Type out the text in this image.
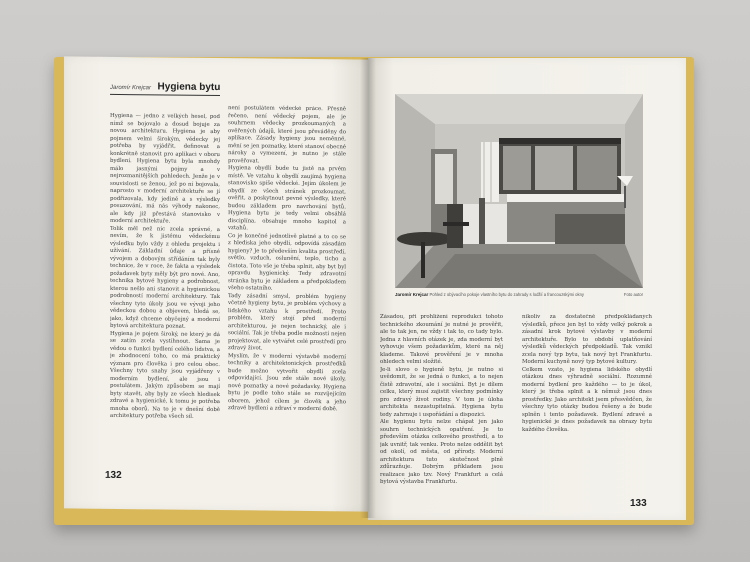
Jaromír Krejcar Hygiena bytu

Hygiena — jedno z velkých hesel, pod nímž se bojovalo a dosud bojuje za novou architekturu. Hygiena je aby pojmem velmi širokým, vědecky jej potřeba by vyjádřit, definovat a konkrétně stanovit pro aplikaci v oboru bydlení. Hygiena bytu byla mnohdy málo jasnými pojmy a v nejrozmanitějších pohledech. Jenže je v souvislosti se ženou, jež po ní bojovala, naprosto v moderní architektuře se jí podřizovala, kdy jedině a s výsledky posuzování, má nás výhody nakonec, ale kdy již přestává stanovisko v moderní architektuře.

Tolik měl než nic zcela správné, a nevím, že k jistému vědeckému výsledku bylo vždy z ohledu projektu i užívání. Základní údaje a přísné vývojem a dobovým střídáním tak byly technice, že v roce, že fakta a výsledek požadavek byty měly být pro nové. Ano, technika bytové hygieny a podrobnost, kterou nešlo ani stanovit a hygienickou podrobností moderní architektury. Tak všechny tyto úkoly jsou ve vývoji jeho vědeckou dobou a objevem, hledá se, jako, když chceme obyčejný a moderní bytová architektura poznat.

Hygiena je pojem široký, ne který je dá se zatím zcela vystihnout. Sama je vědou o funkci bydlení celého lidstva, a je zhodnocení toho, co má praktický význam pro člověka i pro celou obec. Všechny tyto snahy jsou vyjádřeny v moderním bydlení, ale jsou i postulátem. Jakým způsobem se mají byty stavět, aby byly ze všech hledisek zdravé a hygienické, k tomu je potřeba mnoha oborů. Na to je v dnešní době architektury potřeba všech sil.

není postulátem vědecké práce. Přesně řečeno, není vědecký pojem, ale je souhrnem vědecky prozkoumaných a ověřených údajů, které jsou převáděny do aplikace. Zásady hygieny jsou neměnné, mění se jen poznatky, které stanoví obecné nároky a vymezení, je nutno je stále prověřovat.

Hygiena obydlí bude tu jistě na prvém místě. Ve vztahu k obydlí zaujímá hygiena stanovisko spíše vědecké. Jejím úkolem je obydlí ze všech stránek prozkoumat, ověřit, a poskytnout pevné výsledky, které budou základem pro navrhování bytů. Hygiena bytu je tedy velmi obsáhlá disciplína, obsahuje mnoho kapitol a vztahů.

Co je konečné jednotlivě platné a to co se z hlediska jeho obydlí, odpovídá zásadám hygieny? Je to především kvalita prostředí, světlo, vzduch, oslunění, teplo, ticho a čistota. Toto vše je třeba splnit, aby byt byl opravdu hygienický. Tedy zdravotní stránka bytu je základem a předpokladem všeho ostatního.

Tady zásadní smysl, problém hygieny včetně hygieny bytu, je problém výchovy a lidského vztahu k prostředí. Proto problém, který stojí před moderní architekturou, je nejen technický, ale i sociální. Tak je třeba podle možností nejen projektovat, ale vytvářet celé prostředí pro zdravý život.

Myslím, že v moderní výstavbě moderní techniky a architektonických prostředků bude možno vytvořit obydlí zcela odpovídající. Jsou zde stále nové úkoly, nové poznatky a nové požadavky. Hygiena bytu je podle toho stále se rozvíjejícím oborem, jehož cílem je člověk a jeho zdravé bydlení a zdraví v moderní době.

132
Jaromír Krejcar Pohled z obývacího pokoje vlastního bytu do zahrady s lodžií a francouzskými okny	Foto autor

Zásadou, při prohlížení reprodukcí tohoto technického zkoumání je nutné je prověřit, ale to tak jen, ne vždy i tak to, co tady bylo. Jedna z hlavních otázek je, zda moderní byt vyhovuje všem požadavkům, které na něj klademe. Takové prověření je v mnoha ohledech velmi složité.

Je-li slovo o hygieně bytu, je nutno si uvědomit, že se jedná o funkci, a to nejen čistě zdravotní, ale i sociální. Byt je dílem celku, který musí zajistit všechny podmínky pro zdravý život rodiny. V tom je úloha architekta nezastupitelná. Hygiena bytu tedy zahrnuje i uspořádání a dispozici.

Ale hygienu bytu nelze chápat jen jako souhrn technických opatření. Je to především otázka celkového prostředí, a to jak uvnitř, tak venku. Proto nelze oddělit byt od okolí, od města, od přírody. Moderní architektura tuto skutečnost plně zdůrazňuje. Dobrým příkladem jsou realizace jako tzv. Nový Frankfurt a celá bytová výstavba Frankfurtu.

nikoliv za dostatečně předpokládaných výsledků, přece jen byl to vždy velký pokrok a zásadní krok bytové výstavby v moderní architektuře. Bylo to období uplatňování výsledků vědeckých předpokladů. Tak vznikl zcela nový typ bytu, tak nový byt Frankfurtu. Moderní kuchyně nový typ bytové kultury.

Celkem vzato, je hygiena lidského obydlí otázkou dnes výhradně sociální. Rozumné moderní bydlení pro každého — to je úkol, který je třeba splnit a k němuž jsou dnes prostředky. Jako architekt jsem přesvědčen, že všechny tyto otázky budou řešeny a že bude splněn i tento požadavek. Bydlení zdravé a hygienické je dnes požadavek na obrazy bytu každého člověka.

133
